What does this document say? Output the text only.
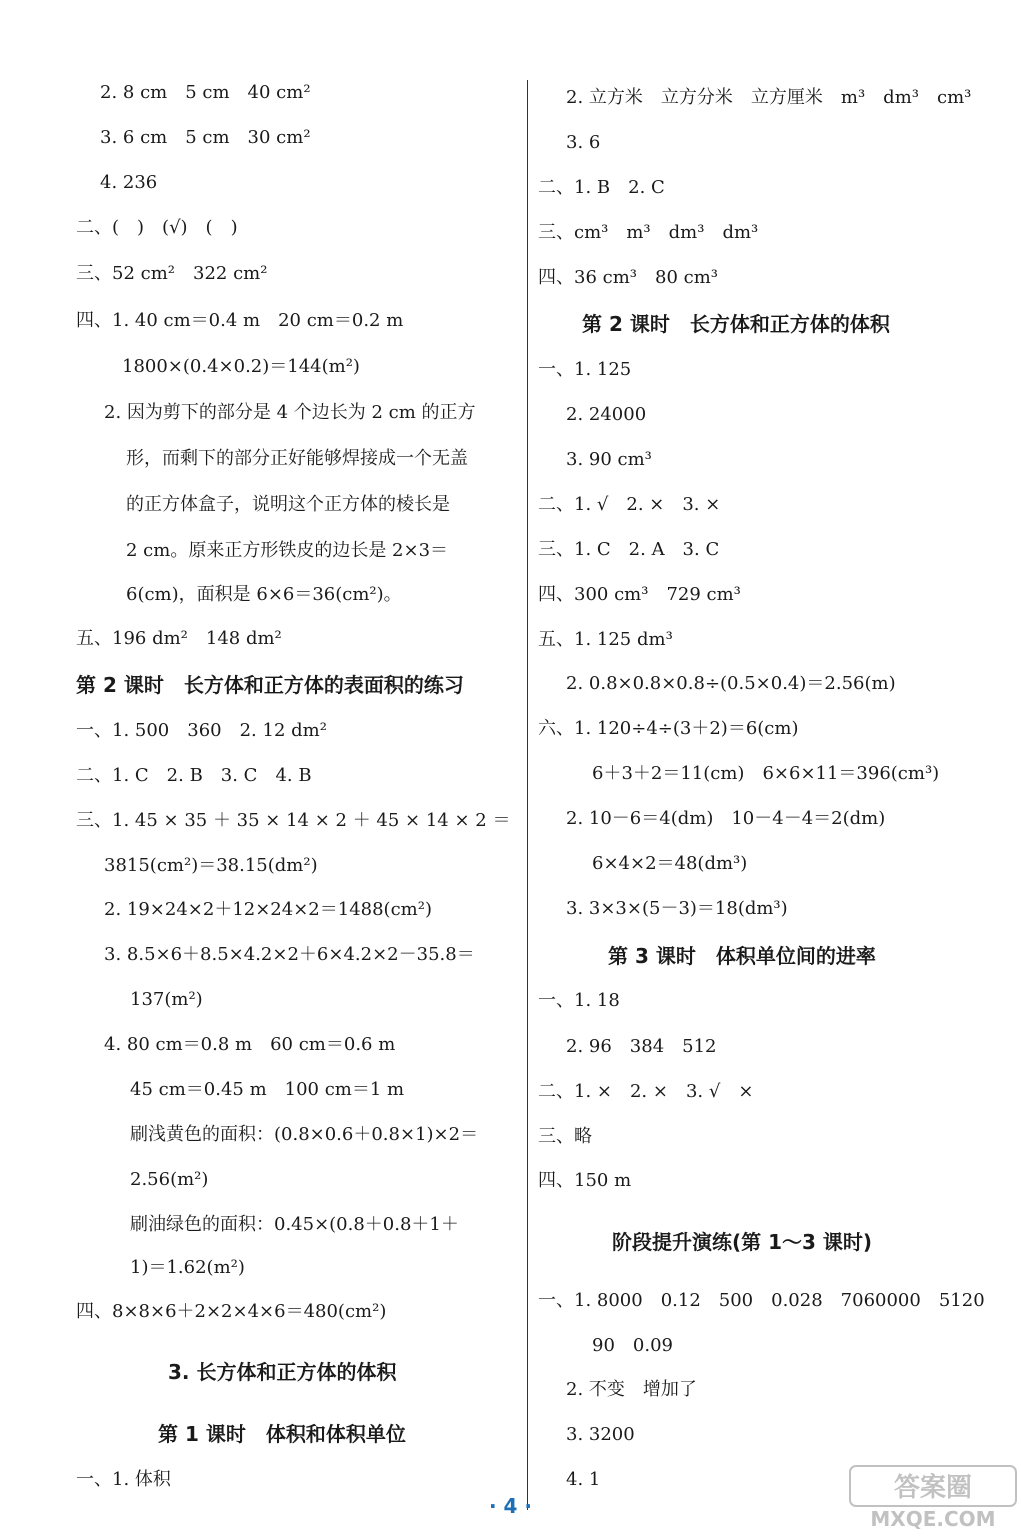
2. 8 cm　5 cm　40 cm²
3. 6 cm　5 cm　30 cm²
4. 236
二、(　)　(√)　(　)
三、52 cm²　322 cm²
四、1. 40 cm＝0.4 m　20 cm＝0.2 m
1800×(0.4×0.2)＝144(m²)
2. 因为剪下的部分是 4 个边长为 2 cm 的正方
形，而剩下的部分正好能够焊接成一个无盖
的正方体盒子，说明这个正方体的棱长是
2 cm。原来正方形铁皮的边长是 2×3＝
6(cm)，面积是 6×6＝36(cm²)。
五、196 dm²　148 dm²
第 2 课时　长方体和正方体的表面积的练习
一、1. 500　360　2. 12 dm²
二、1. C　2. B　3. C　4. B
三、1. 45 × 35 ＋ 35 × 14 × 2 ＋ 45 × 14 × 2 ＝
3815(cm²)＝38.15(dm²)
2. 19×24×2＋12×24×2＝1488(cm²)
3. 8.5×6＋8.5×4.2×2＋6×4.2×2－35.8＝
137(m²)
4. 80 cm＝0.8 m　60 cm＝0.6 m
45 cm＝0.45 m　100 cm＝1 m
刷浅黄色的面积：(0.8×0.6＋0.8×1)×2＝
2.56(m²)
刷油绿色的面积：0.45×(0.8＋0.8＋1＋
1)＝1.62(m²)
四、8×8×6＋2×2×4×6＝480(cm²)
3. 长方体和正方体的体积
第 1 课时　体积和体积单位
一、1. 体积
2. 立方米　立方分米　立方厘米　m³　dm³　cm³
3. 6
二、1. B　2. C
三、cm³　m³　dm³　dm³
四、36 cm³　80 cm³
第 2 课时　长方体和正方体的体积
一、1. 125
2. 24000
3. 90 cm³
二、1. √　2. ×　3. ×
三、1. C　2. A　3. C
四、300 cm³　729 cm³
五、1. 125 dm³
2. 0.8×0.8×0.8÷(0.5×0.4)＝2.56(m)
六、1. 120÷4÷(3＋2)＝6(cm)
6＋3＋2＝11(cm)　6×6×11＝396(cm³)
2. 10－6＝4(dm)　10－4－4＝2(dm)
6×4×2＝48(dm³)
3. 3×3×(5－3)＝18(dm³)
第 3 课时　体积单位间的进率
一、1. 18
2. 96　384　512
二、1. ×　2. ×　3. √　×
三、略
四、150 m
阶段提升演练(第 1～3 课时)
一、1. 8000　0.12　500　0.028　7060000　5120
90　0.09
2. 不变　增加了
3. 3200
4. 1
· 4 ·
答案圈
MXQE.COM
